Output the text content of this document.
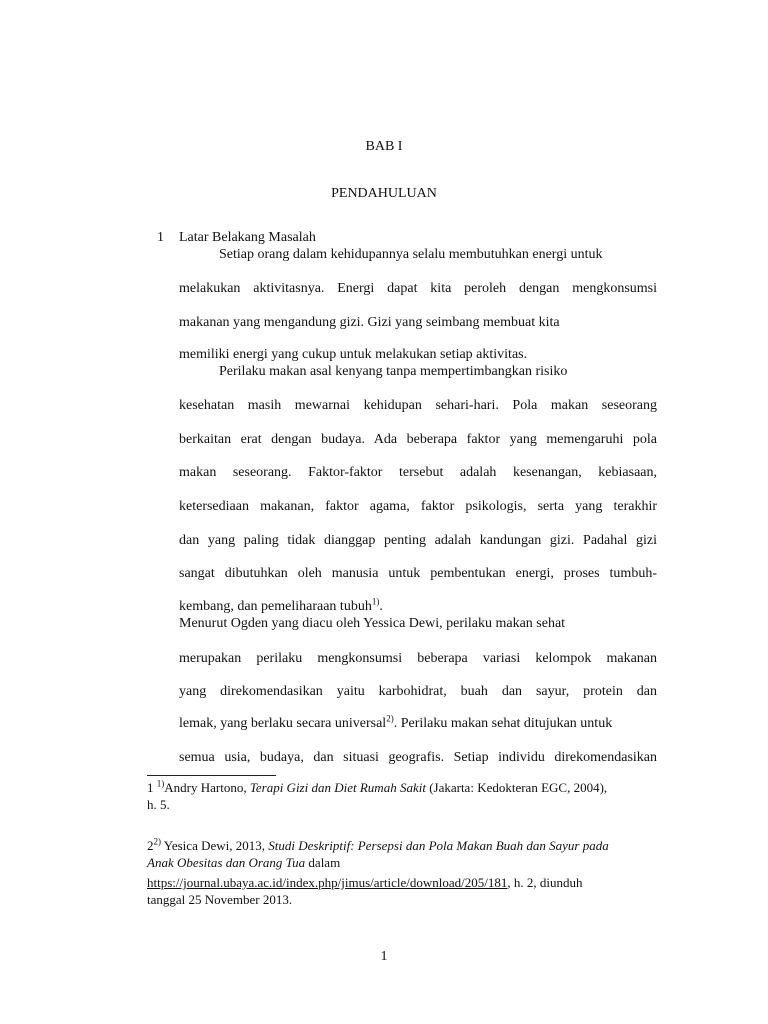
BAB I
PENDAHULUAN
1 Latar Belakang Masalah
Setiap orang dalam kehidupannya selalu membutuhkan energi untuk
melakukan aktivitasnya. Energi dapat kita peroleh dengan mengkonsumsi
makanan yang mengandung gizi. Gizi yang seimbang membuat kita
memiliki energi yang cukup untuk melakukan setiap aktivitas.
Perilaku makan asal kenyang tanpa mempertimbangkan risiko
kesehatan masih mewarnai kehidupan sehari-hari. Pola makan seseorang
berkaitan erat dengan budaya. Ada beberapa faktor yang memengaruhi pola
makan seseorang. Faktor-faktor tersebut adalah kesenangan, kebiasaan,
ketersediaan makanan, faktor agama, faktor psikologis, serta yang terakhir
dan yang paling tidak dianggap penting adalah kandungan gizi. Padahal gizi
sangat dibutuhkan oleh manusia untuk pembentukan energi, proses tumbuh-
kembang, dan pemeliharaan tubuh$^{1)}$.
Menurut Ogden yang diacu oleh Yessica Dewi, perilaku makan sehat
merupakan perilaku mengkonsumsi beberapa variasi kelompok makanan
yang direkomendasikan yaitu karbohidrat, buah dan sayur, protein dan
lemak, yang berlaku secara universal$^{2)}$. Perilaku makan sehat ditujukan untuk
semua usia, budaya, dan situasi geografis. Setiap individu direkomendasikan
1 $^{1)}$Andry Hartono, Terapi Gizi dan Diet Rumah Sakit (Jakarta: Kedokteran EGC, 2004),
h. 5.
2$^{2)}$ Yesica Dewi, 2013, Studi Deskriptif: Persepsi dan Pola Makan Buah dan Sayur pada
Anak Obesitas dan Orang Tua dalam
https://journal.ubaya.ac.id/index.php/jimus/article/download/205/181, h. 2, diunduh
tanggal 25 November 2013.
1
